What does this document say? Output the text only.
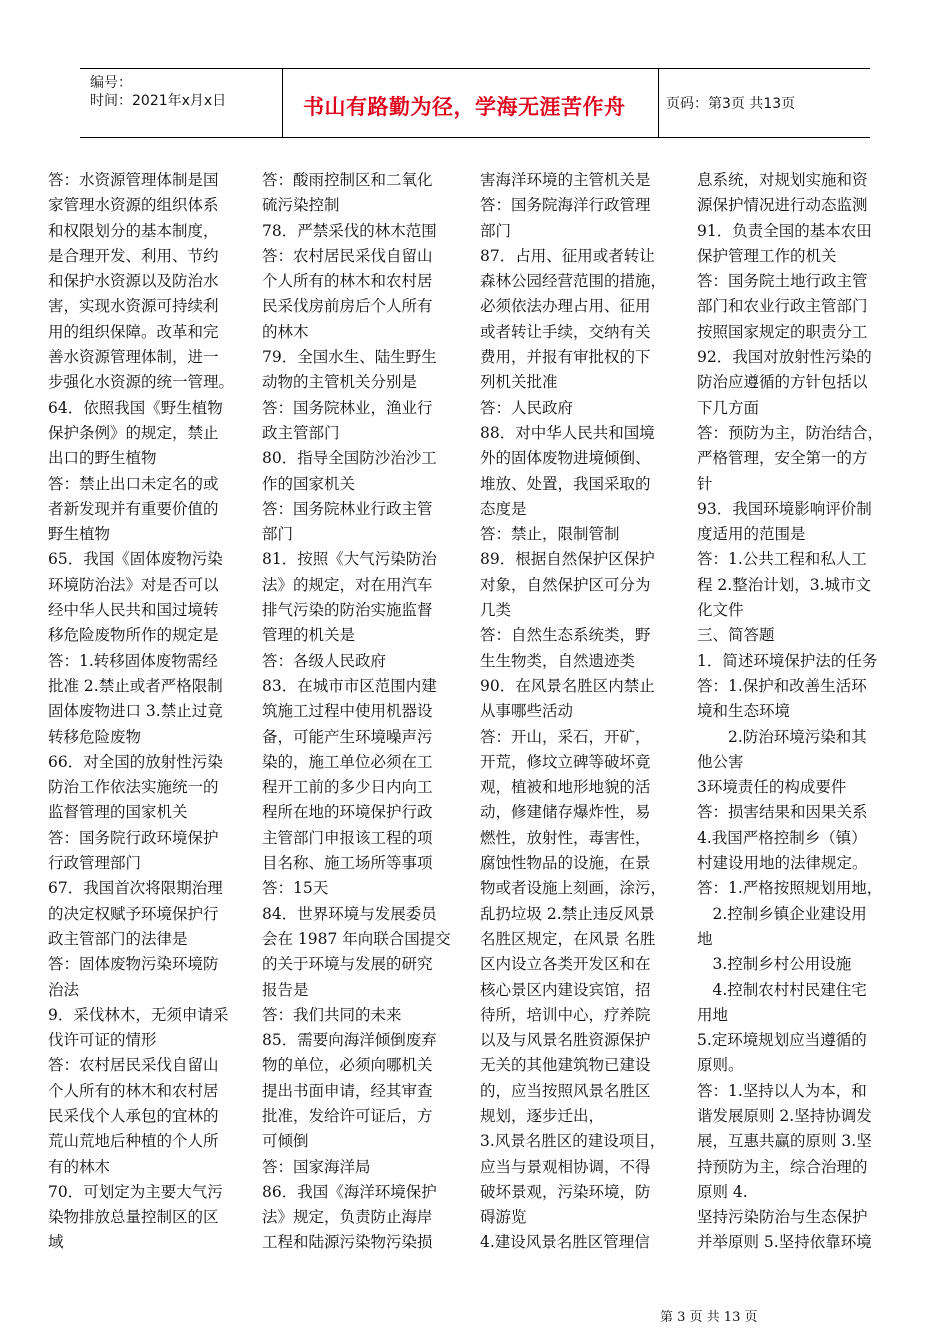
编号：
时间：2021年x月x日	书山有路勤为径，学海无涯苦作舟	页码：第3页 共13页
答：水资源管理体制是国
家管理水资源的组织体系
和权限划分的基本制度，
是合理开发、利用、节约
和保护水资源以及防治水
害，实现水资源可持续利
用的组织保障。改革和完
善水资源管理体制，进一
步强化水资源的统一管理。
64．依照我国《野生植物
保护条例》的规定，禁止
出口的野生植物
答：禁止出口未定名的或
者新发现并有重要价值的
野生植物
65．我国《固体废物污染
环境防治法》对是否可以
经中华人民共和国过境转
移危险废物所作的规定是
答：1.转移固体废物需经
批准 2.禁止或者严格限制
固体废物进口 3.禁止过竟
转移危险废物
66．对全国的放射性污染
防治工作依法实施统一的
监督管理的国家机关
答：国务院行政环境保护
行政管理部门
67．我国首次将限期治理
的决定权赋予环境保护行
政主管部门的法律是
答：固体废物污染环境防
治法
9．采伐林木，无须申请采
伐许可证的情形
答：农村居民采伐自留山
个人所有的林木和农村居
民采伐个人承包的宜林的
荒山荒地后种植的个人所
有的林木
70．可划定为主要大气污
染物排放总量控制区的区
域
答：酸雨控制区和二氧化
硫污染控制
78．严禁采伐的林木范围
答：农村居民采伐自留山
个人所有的林木和农村居
民采伐房前房后个人所有
的林木
79．全国水生、陆生野生
动物的主管机关分别是
答：国务院林业，渔业行
政主管部门
80．指导全国防沙治沙工
作的国家机关
答：国务院林业行政主管
部门
81．按照《大气污染防治
法》的规定，对在用汽车
排气污染的防治实施监督
管理的机关是
答：各级人民政府
83．在城市市区范围内建
筑施工过程中使用机器设
备，可能产生环境噪声污
染的，施工单位必须在工
程开工前的多少日内向工
程所在地的环境保护行政
主管部门申报该工程的项
目名称、施工场所等事项
答：15天
84．世界环境与发展委员
会在 1987 年向联合国提交
的关于环境与发展的研究
报告是
答：我们共同的未来
85．需要向海洋倾倒废弃
物的单位，必须向哪机关
提出书面申请，经其审查
批准，发给许可证后，方
可倾倒
答：国家海洋局
86．我国《海洋环境保护
法》规定，负责防止海岸
工程和陆源污染物污染损
害海洋环境的主管机关是
答：国务院海洋行政管理
部门
87．占用、征用或者转让
森林公园经营范围的措施，
必须依法办理占用、征用
或者转让手续，交纳有关
费用，并报有审批权的下
列机关批准
答：人民政府
88．对中华人民共和国境
外的固体废物进境倾倒、
堆放、处置，我国采取的
态度是
答：禁止，限制管制
89．根据自然保护区保护
对象，自然保护区可分为
几类
答：自然生态系统类，野
生生物类，自然遗迹类
90．在风景名胜区内禁止
从事哪些活动
答：开山，采石，开矿，
开荒，修坟立碑等破坏竟
观，植被和地形地貌的活
动，修建储存爆炸性，易
燃性，放射性，毒害性，
腐蚀性物品的设施，在景
物或者设施上刻画，涂污，
乱扔垃圾 2.禁止违反风景
名胜区规定，在风景 名胜
区内设立各类开发区和在
核心景区内建设宾馆，招
待所，培训中心，疗养院
以及与风景名胜资源保护
无关的其他建筑物已建设
的，应当按照风景名胜区
规划，逐步迁出，
3.风景名胜区的建设项目，
应当与景观相协调，不得
破坏景观，污染环境，防
碍游览
4.建设风景名胜区管理信
息系统，对规划实施和资
源保护情况进行动态监测
91．负责全国的基本农田
保护管理工作的机关
答：国务院土地行政主管
部门和农业行政主管部门
按照国家规定的职责分工
92．我国对放射性污染的
防治应遵循的方针包括以
下几方面
答：预防为主，防治结合，
严格管理，安全第一的方
针
93．我国环境影响评价制
度适用的范围是
答：1.公共工程和私人工
程 2.整治计划，3.城市文
化文件
三、简答题
1．简述环境保护法的任务
答：1.保护和改善生活环
境和生态环境
　　2.防治环境污染和其
他公害
3环境责任的构成要件
答：损害结果和因果关系
4.我国严格控制乡（镇）
村建设用地的法律规定。
答：1.严格按照规划用地，
　2.控制乡镇企业建设用
地
　3.控制乡村公用设施
　4.控制农村村民建住宅
用地
5.定环境规划应当遵循的
原则。
答：1.坚持以人为本，和
谐发展原则 2.坚持协调发
展，互惠共赢的原则 3.坚
持预防为主，综合治理的
原则 4.
坚持污染防治与生态保护
并举原则 5.坚持依靠环境
第 3 页 共 13 页
